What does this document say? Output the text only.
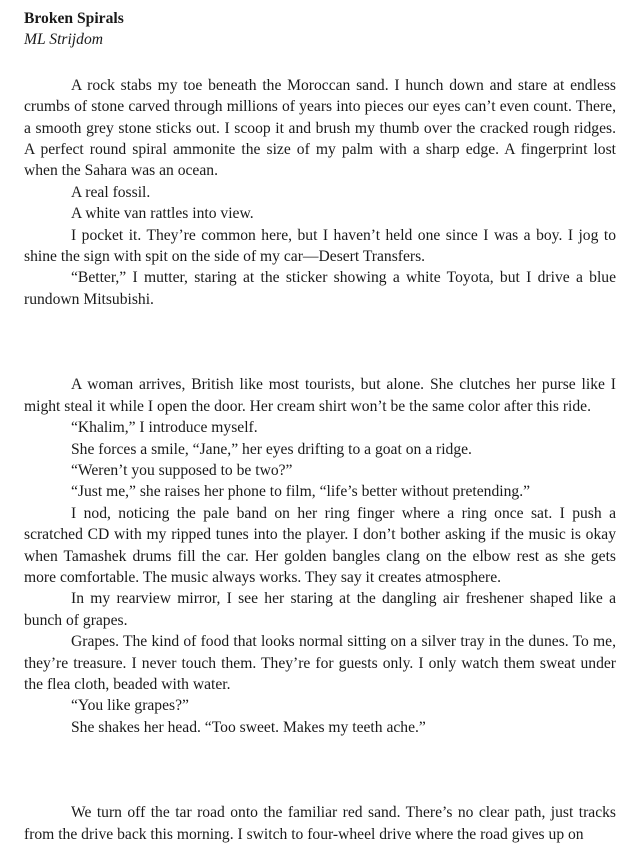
Broken Spirals

ML Strijdom

A rock stabs my toe beneath the Moroccan sand. I hunch down and stare at endless crumbs of stone carved through millions of years into pieces our eyes can’t even count. There, a smooth grey stone sticks out. I scoop it and brush my thumb over the cracked rough ridges. A perfect round spiral ammonite the size of my palm with a sharp edge. A fingerprint lost when the Sahara was an ocean.

A real fossil.

A white van rattles into view.

I pocket it. They’re common here, but I haven’t held one since I was a boy. I jog to shine the sign with spit on the side of my car—Desert Transfers.

“Better,” I mutter, staring at the sticker showing a white Toyota, but I drive a blue rundown Mitsubishi.

A woman arrives, British like most tourists, but alone. She clutches her purse like I might steal it while I open the door. Her cream shirt won’t be the same color after this ride.

“Khalim,” I introduce myself.

She forces a smile, “Jane,” her eyes drifting to a goat on a ridge.

“Weren’t you supposed to be two?”

“Just me,” she raises her phone to film, “life’s better without pretending.”

I nod, noticing the pale band on her ring finger where a ring once sat. I push a scratched CD with my ripped tunes into the player. I don’t bother asking if the music is okay when Tamashek drums fill the car. Her golden bangles clang on the elbow rest as she gets more comfortable. The music always works. They say it creates atmosphere.

In my rearview mirror, I see her staring at the dangling air freshener shaped like a bunch of grapes.

Grapes. The kind of food that looks normal sitting on a silver tray in the dunes. To me, they’re treasure. I never touch them. They’re for guests only. I only watch them sweat under the flea cloth, beaded with water.

“You like grapes?”

She shakes her head. “Too sweet. Makes my teeth ache.”

We turn off the tar road onto the familiar red sand. There’s no clear path, just tracks from the drive back this morning. I switch to four-wheel drive where the road gives up on
